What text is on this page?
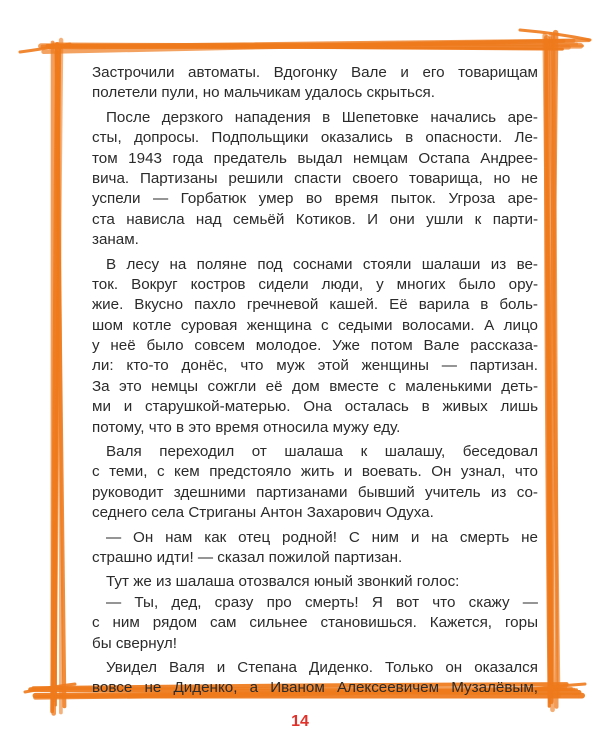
Застрочили автоматы. Вдогонку Вале и его товарищам
полетели пули, но мальчикам удалось скрыться.
После дерзкого нападения в Шепетовке начались аре-
сты, допросы. Подпольщики оказались в опасности. Ле-
том 1943 года предатель выдал немцам Остапа Андрее-
вича. Партизаны решили спасти своего товарища, но не
успели — Горбатюк умер во время пыток. Угроза аре-
ста нависла над семьёй Котиков. И они ушли к парти-
занам.
В лесу на поляне под соснами стояли шалаши из ве-
ток. Вокруг костров сидели люди, у многих было ору-
жие. Вкусно пахло гречневой кашей. Её варила в боль-
шом котле суровая женщина с седыми волосами. А лицо
у неё было совсем молодое. Уже потом Вале рассказа-
ли: кто-то донёс, что муж этой женщины — партизан.
За это немцы сожгли её дом вместе с маленькими деть-
ми и старушкой-матерью. Она осталась в живых лишь
потому, что в это время относила мужу еду.
Валя переходил от шалаша к шалашу, беседовал
с теми, с кем предстояло жить и воевать. Он узнал, что
руководит здешними партизанами бывший учитель из со-
седнего села Стриганы Антон Захарович Одуха.
— Он нам как отец родной! С ним и на смерть не
страшно идти! — сказал пожилой партизан.
Тут же из шалаша отозвался юный звонкий голос:
— Ты, дед, сразу про смерть! Я вот что скажу —
с ним рядом сам сильнее становишься. Кажется, горы
бы свернул!
Увидел Валя и Степана Диденко. Только он оказался
вовсе не Диденко, а Иваном Алексеевичем Музалёвым,
14
